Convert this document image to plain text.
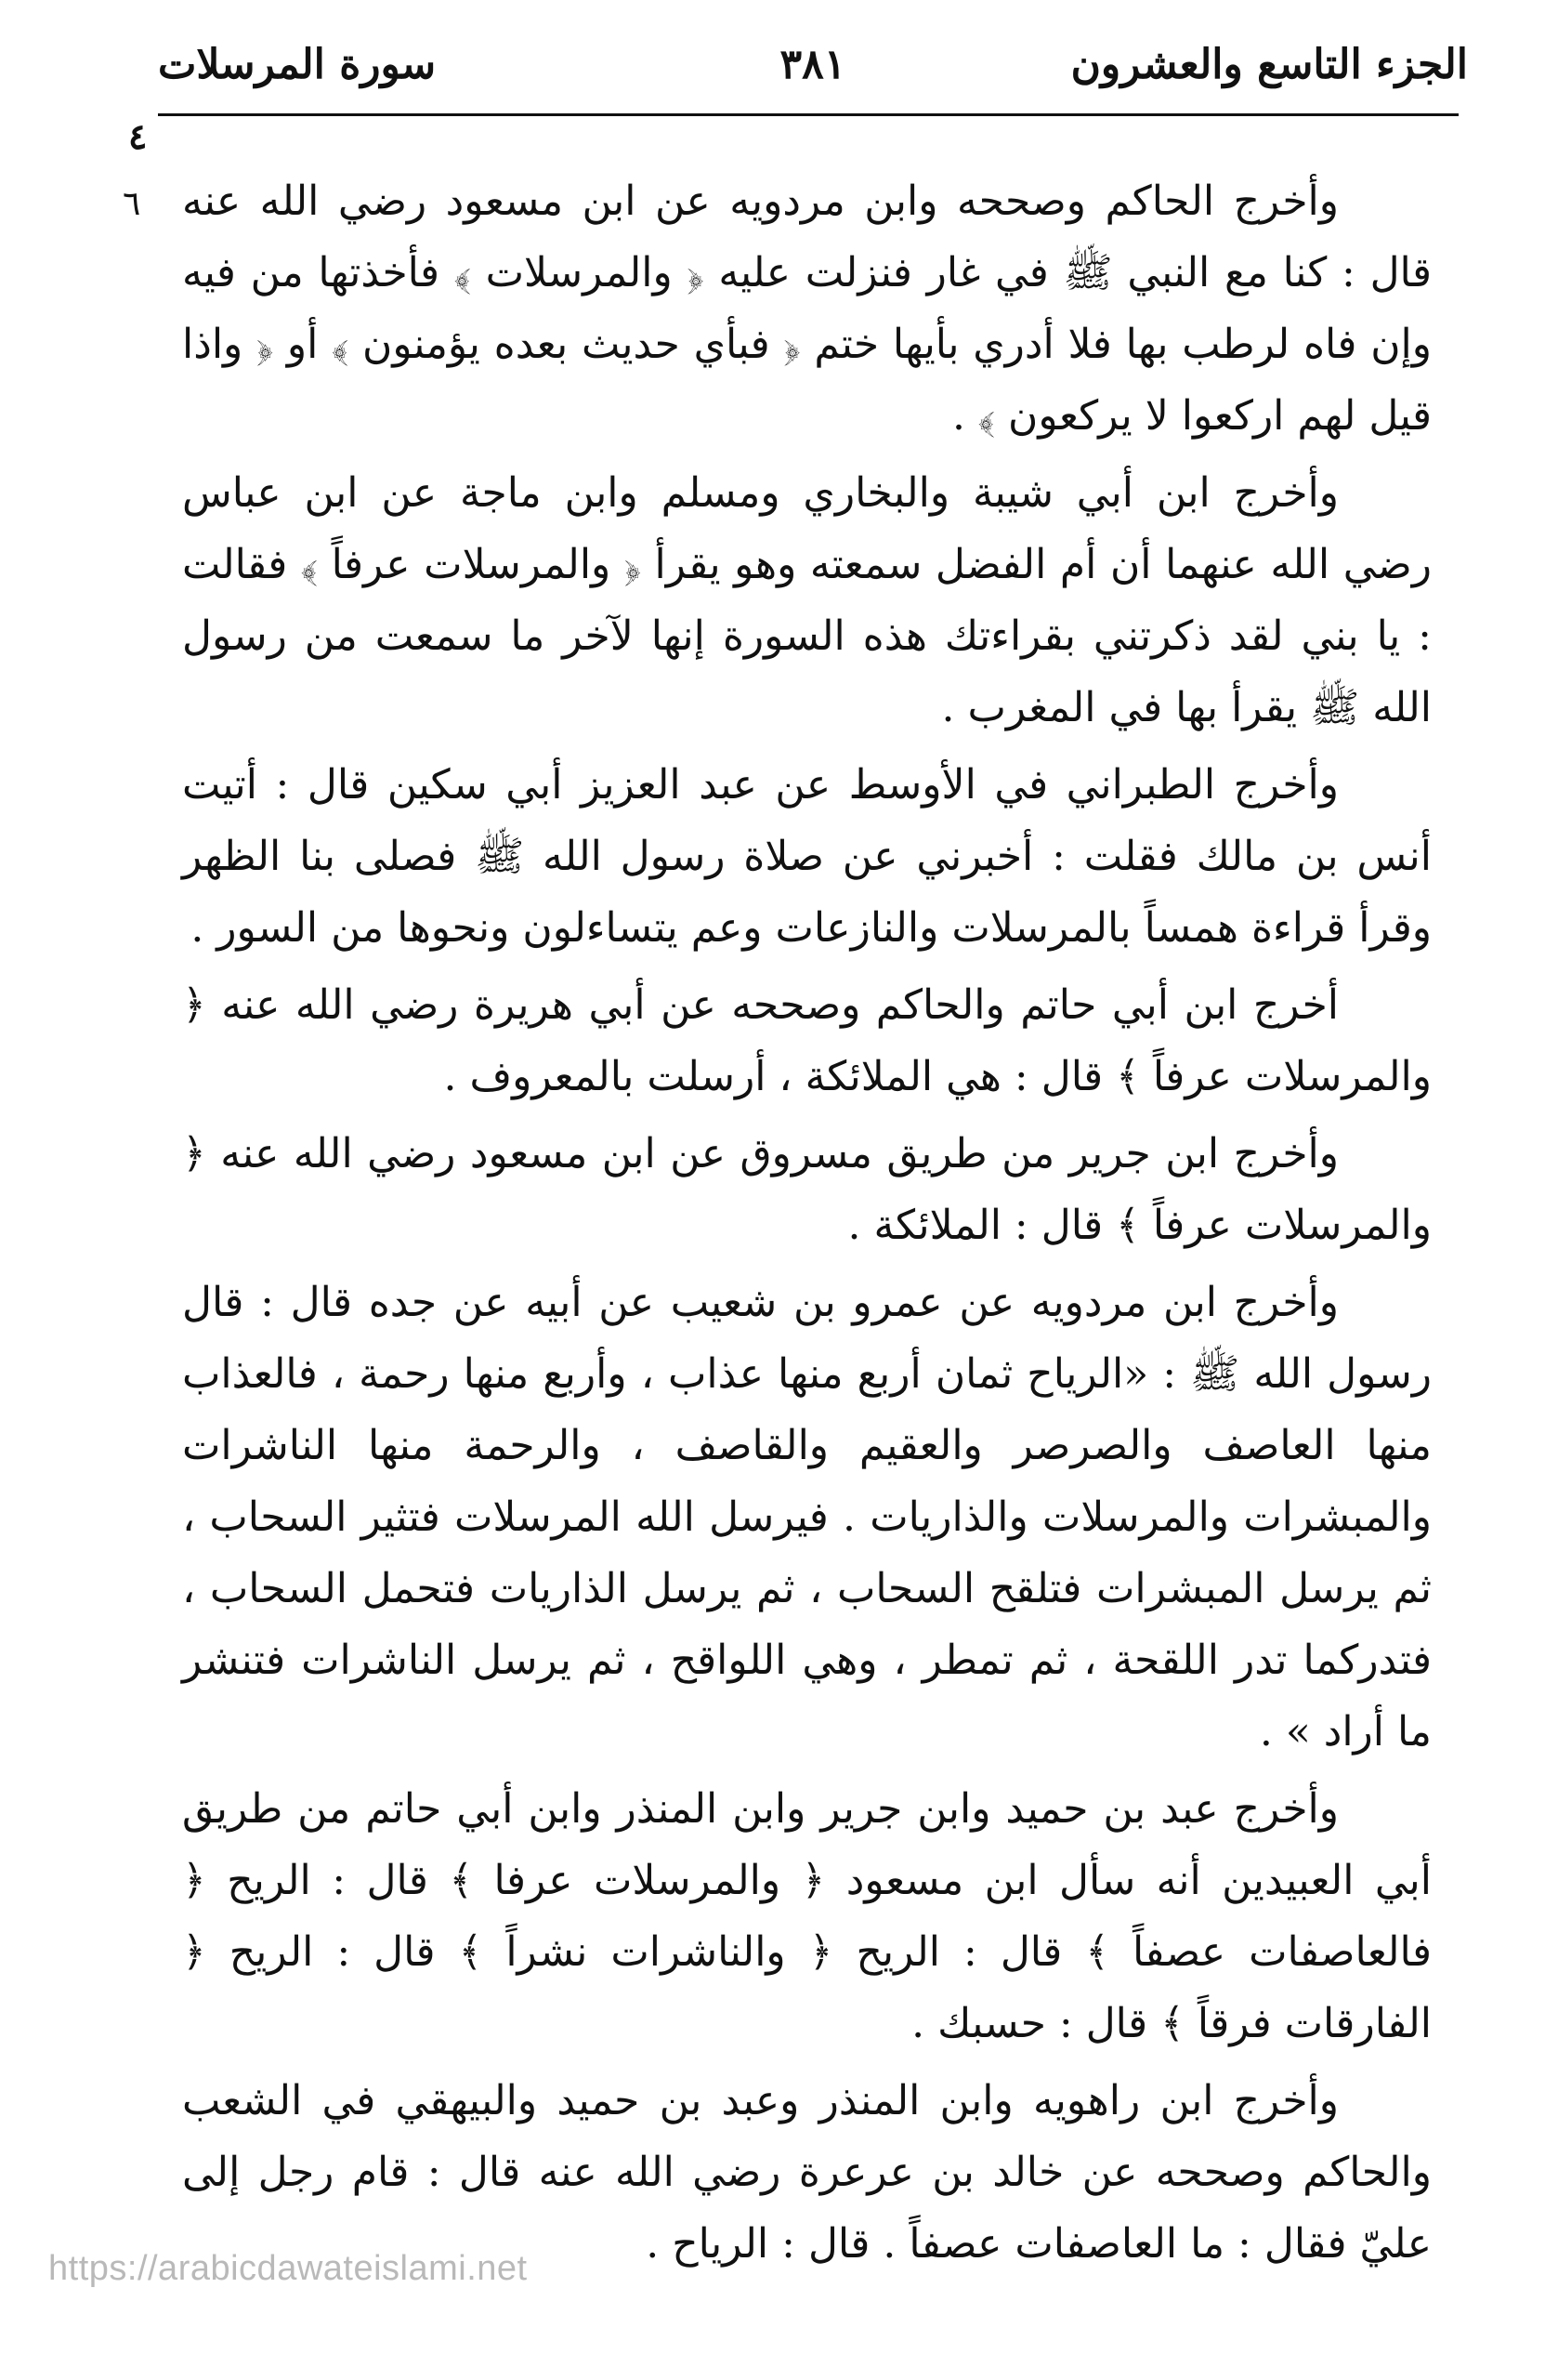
الجزء التاسع والعشرون
٣٨١
سورة المرسلات
٤
٦ وأخرج الحاكم وصححه وابن مردويه عن ابن مسعود رضي الله عنه قال : كنا مع النبي ﷺ في غار فنزلت عليه ﴿ والمرسلات ﴾ فأخذتها من فيه وإن فاه لرطب بها فلا أدري بأيها ختم ﴿ فبأي حديث بعده يؤمنون ﴾ أو ﴿ واذا قيل لهم اركعوا لا يركعون ﴾ .

وأخرج ابن أبي شيبة والبخاري ومسلم وابن ماجة عن ابن عباس رضي الله عنهما أن أم الفضل سمعته وهو يقرأ ﴿ والمرسلات عرفاً ﴾ فقالت : يا بني لقد ذكرتني بقراءتك هذه السورة إنها لآخر ما سمعت من رسول الله ﷺ يقرأ بها في المغرب .

وأخرج الطبراني في الأوسط عن عبد العزيز أبي سكين قال : أتيت أنس بن مالك فقلت : أخبرني عن صلاة رسول الله ﷺ فصلى بنا الظهر وقرأ قراءة همساً بالمرسلات والنازعات وعم يتساءلون ونحوها من السور .

أخرج ابن أبي حاتم والحاكم وصححه عن أبي هريرة رضي الله عنه ﴿ والمرسلات عرفاً ﴾ قال : هي الملائكة ، أرسلت بالمعروف .

وأخرج ابن جرير من طريق مسروق عن ابن مسعود رضي الله عنه ﴿ والمرسلات عرفاً ﴾ قال : الملائكة .

وأخرج ابن مردويه عن عمرو بن شعيب عن أبيه عن جده قال : قال رسول الله ﷺ : «الرياح ثمان أربع منها عذاب ، وأربع منها رحمة ، فالعذاب منها العاصف والصرصر والعقيم والقاصف ، والرحمة منها الناشرات والمبشرات والمرسلات والذاريات . فيرسل الله المرسلات فتثير السحاب ، ثم يرسل المبشرات فتلقح السحاب ، ثم يرسل الذاريات فتحمل السحاب ، فتدركما تدر اللقحة ، ثم تمطر ، وهي اللواقح ، ثم يرسل الناشرات فتنشر ما أراد » .

وأخرج عبد بن حميد وابن جرير وابن المنذر وابن أبي حاتم من طريق أبي العبيدين أنه سأل ابن مسعود ﴿ والمرسلات عرفا ﴾ قال : الريح ﴿ فالعاصفات عصفاً ﴾ قال : الريح ﴿ والناشرات نشراً ﴾ قال : الريح ﴿ الفارقات فرقاً ﴾ قال : حسبك .

وأخرج ابن راهويه وابن المنذر وعبد بن حميد والبيهقي في الشعب والحاكم وصححه عن خالد بن عرعرة رضي الله عنه قال : قام رجل إلى عليّ فقال : ما العاصفات عصفاً . قال : الرياح .

https://arabicdawateislami.net
